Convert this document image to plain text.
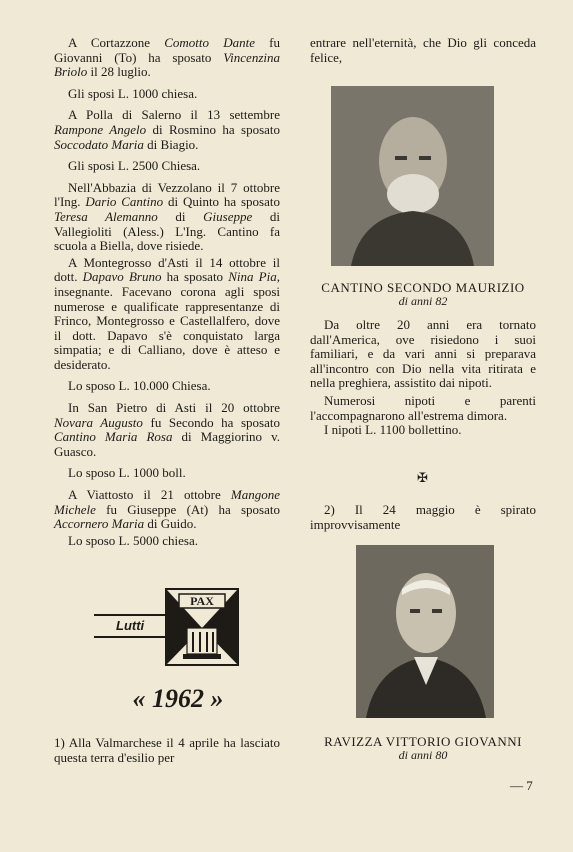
A Cortazzone Comotto Dante fu Giovanni (To) ha sposato Vincenzina Briolo il 28 luglio.

Gli sposi L. 1000 chiesa.

A Polla di Salerno il 13 settembre Rampone Angelo di Rosmino ha sposato Soccodato Maria di Biagio.

Gli sposi L. 2500 Chiesa.

Nell'Abbazia di Vezzolano il 7 ottobre l'Ing. Dario Cantino di Quinto ha sposato Teresa Alemanno di Giuseppe di Vallegioliti (Aless.) L'Ing. Cantino fa scuola a Biella, dove risiede.

A Montegrosso d'Asti il 14 ottobre il dott. Dapavo Bruno ha sposato Nina Pia, insegnante. Facevano corona agli sposi numerose e qualificate rappresentanze di Frinco, Montegrosso e Castellalfero, dove il dott. Dapavo s'è conquistato larga simpatia; e di Calliano, dove è atteso e desiderato.

Lo sposo L. 10.000 Chiesa.

In San Pietro di Asti il 20 ottobre Novara Augusto fu Secondo ha sposato Cantino Maria Rosa di Maggiorino v. Guasco.

Lo sposo L. 1000 boll.

A Viattosto il 21 ottobre Mangone Michele fu Giuseppe (At) ha sposato Accornero Maria di Guido.

Lo sposo L. 5000 chiesa.

Lutti
PAX
« 1962 »
1) Alla Valmarchese il 4 aprile ha lasciato questa terra d'esilio per
entrare nell'eternità, che Dio gli conceda felice,
CANTINO SECONDO MAURIZIO
di anni 82

Da oltre 20 anni era tornato dall'America, ove risiedono i suoi familiari, e da vari anni si preparava all'incontro con Dio nella vita ritirata e nella preghiera, assistito dai nipoti.

Numerosi nipoti e parenti l'accompagnarono all'estrema dimora.

I nipoti L. 1100 bollettino.

✠
2) Il 24 maggio è spirato improvvisamente
RAVIZZA VITTORIO GIOVANNI
di anni 80
— 7
